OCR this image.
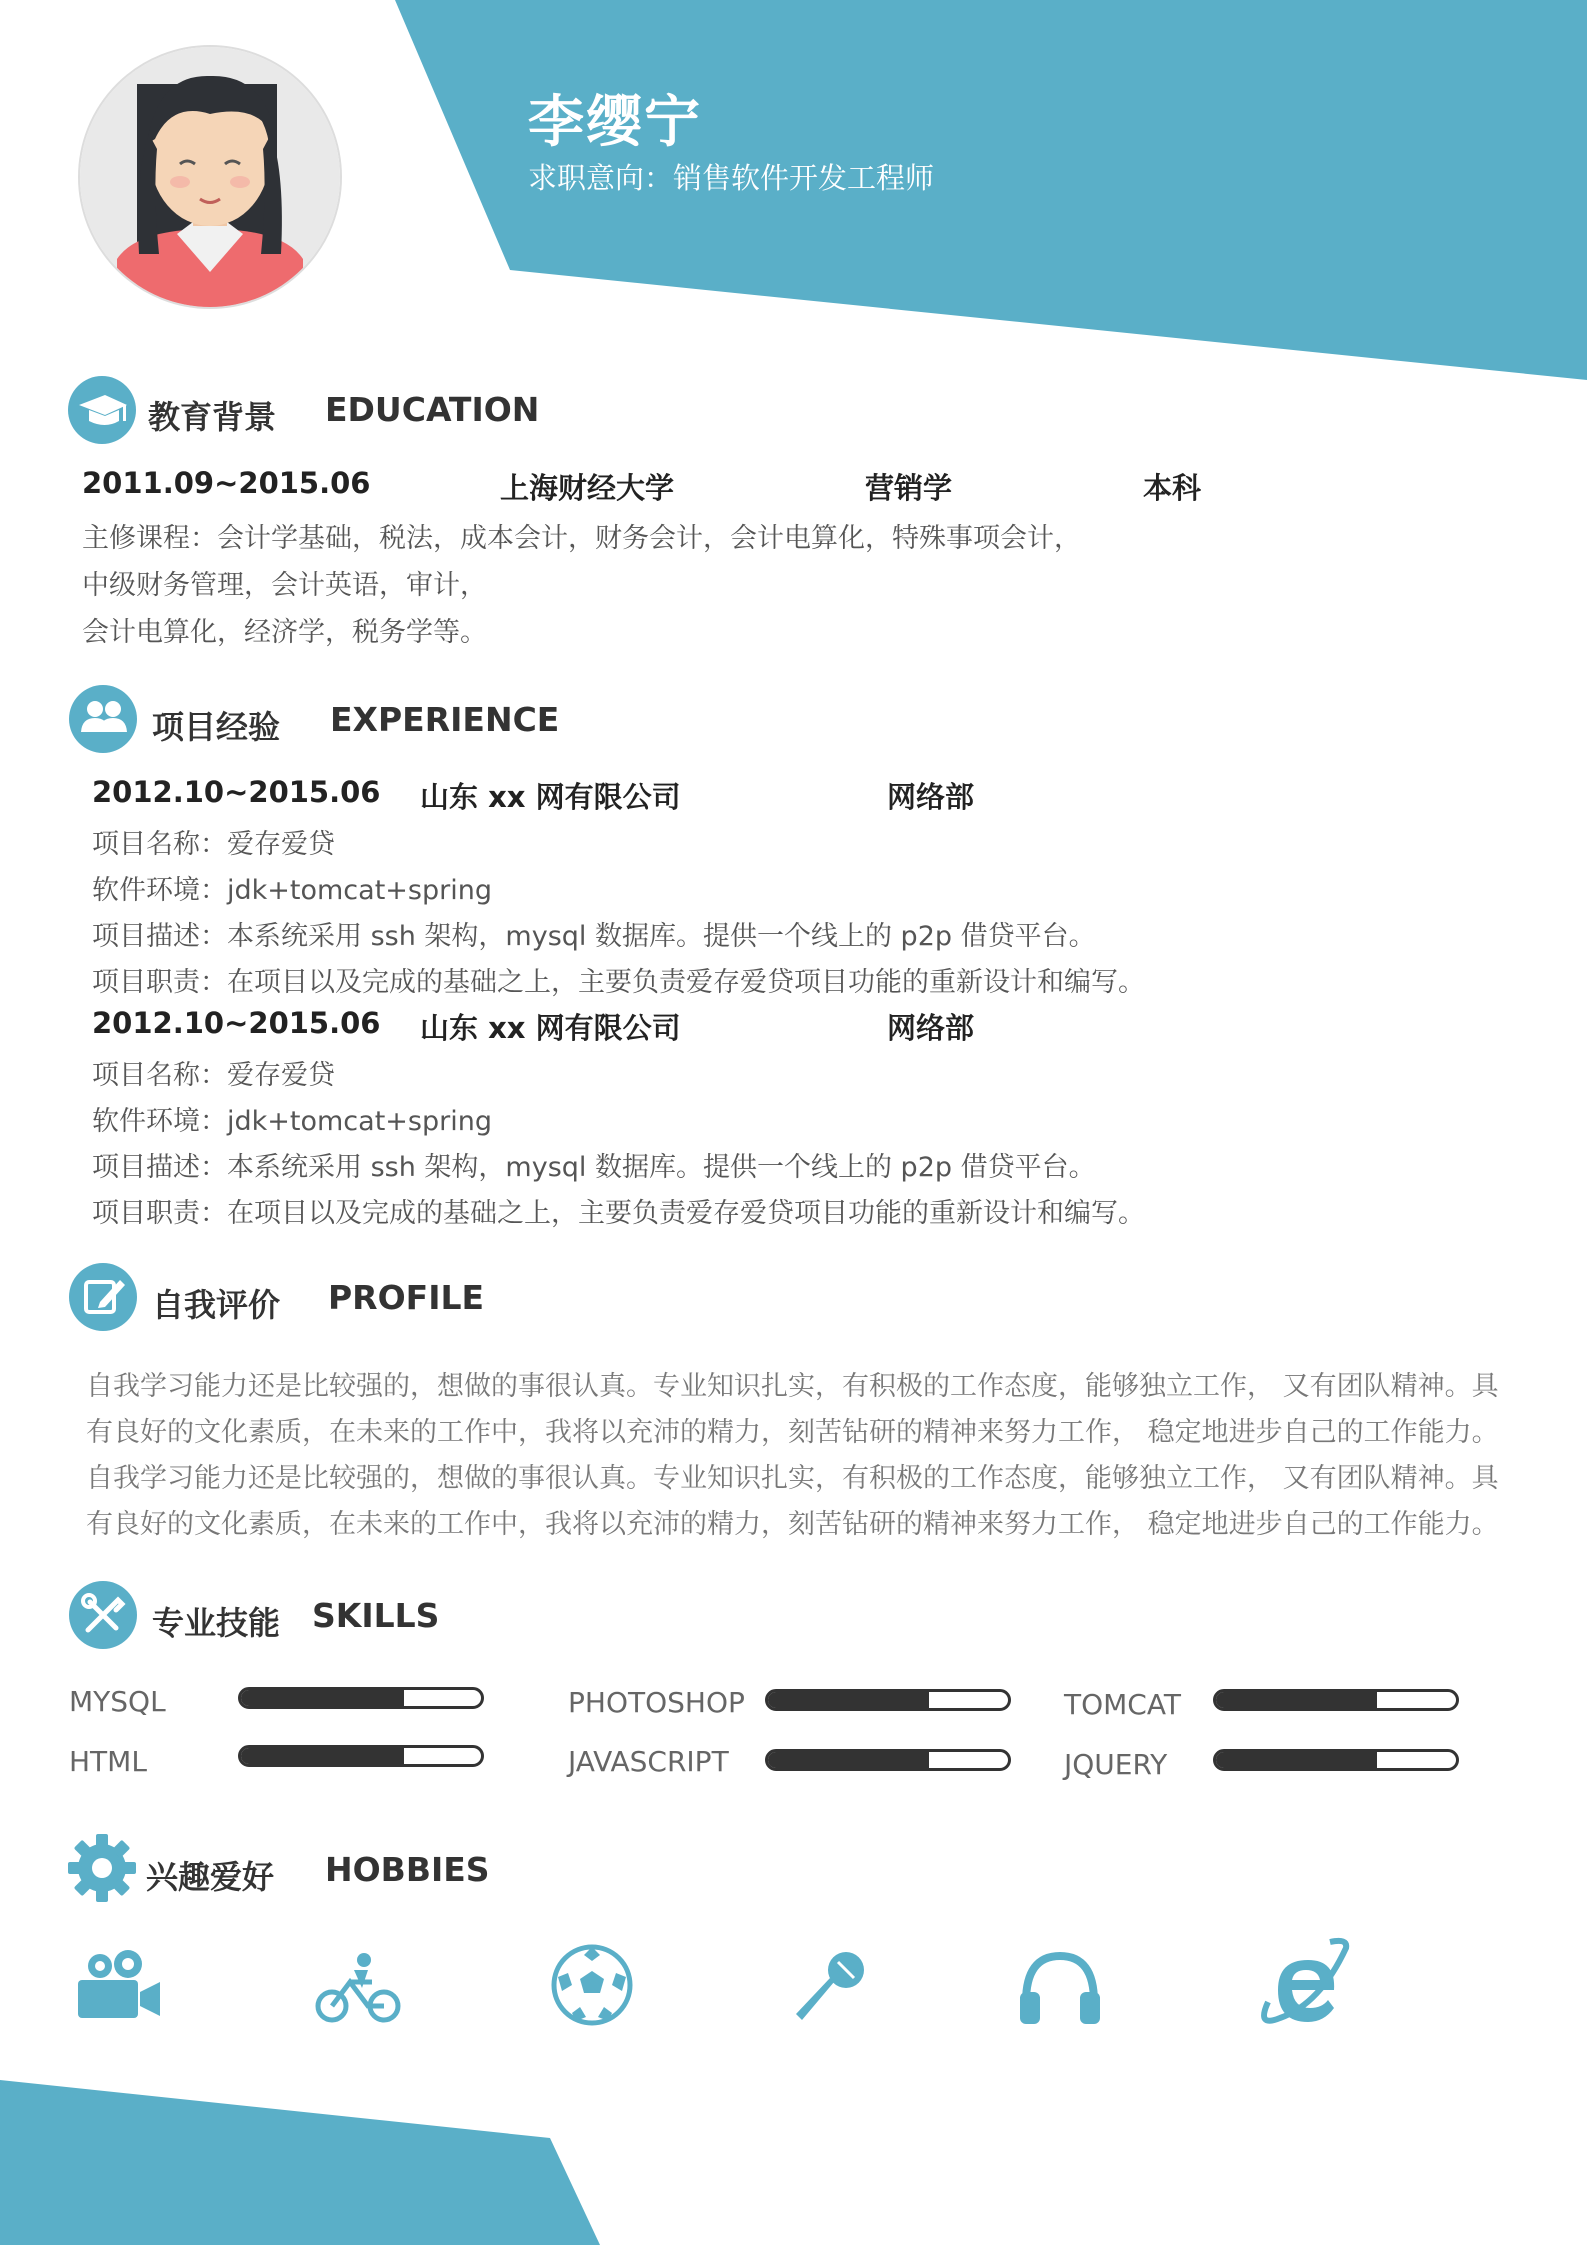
李缨宁
求职意向：销售软件开发工程师
教育背景 EDUCATION
2011.09~2015.06	上海财经大学	营销学	本科
主修课程：会计学基础，税法，成本会计，财务会计，会计电算化，特殊事项会计，
中级财务管理，会计英语，审计，
会计电算化，经济学，税务学等。
项目经验 EXPERIENCE
2012.10~2015.06 山东 xx 网有限公司	网络部
项目名称：爱存爱贷
软件环境：jdk+tomcat+spring
项目描述：本系统采用 ssh 架构，mysql 数据库。提供一个线上的 p2p 借贷平台。
项目职责：在项目以及完成的基础之上，主要负责爱存爱贷项目功能的重新设计和编写。
2012.10~2015.06 山东 xx 网有限公司	网络部
项目名称：爱存爱贷
软件环境：jdk+tomcat+spring
项目描述：本系统采用 ssh 架构，mysql 数据库。提供一个线上的 p2p 借贷平台。
项目职责：在项目以及完成的基础之上，主要负责爱存爱贷项目功能的重新设计和编写。
自我评价 PROFILE
自我学习能力还是比较强的，想做的事很认真。专业知识扎实，有积极的工作态度，能够独立工作， 又有团队精神。具
有良好的文化素质，在未来的工作中，我将以充沛的精力，刻苦钻研的精神来努力工作， 稳定地进步自己的工作能力。
自我学习能力还是比较强的，想做的事很认真。专业知识扎实，有积极的工作态度，能够独立工作， 又有团队精神。具
有良好的文化素质，在未来的工作中，我将以充沛的精力，刻苦钻研的精神来努力工作， 稳定地进步自己的工作能力。
专业技能 SKILLS
MYSQL	PHOTOSHOP	TOMCAT
HTML	JAVASCRIPT	JQUERY
兴趣爱好 HOBBIES
